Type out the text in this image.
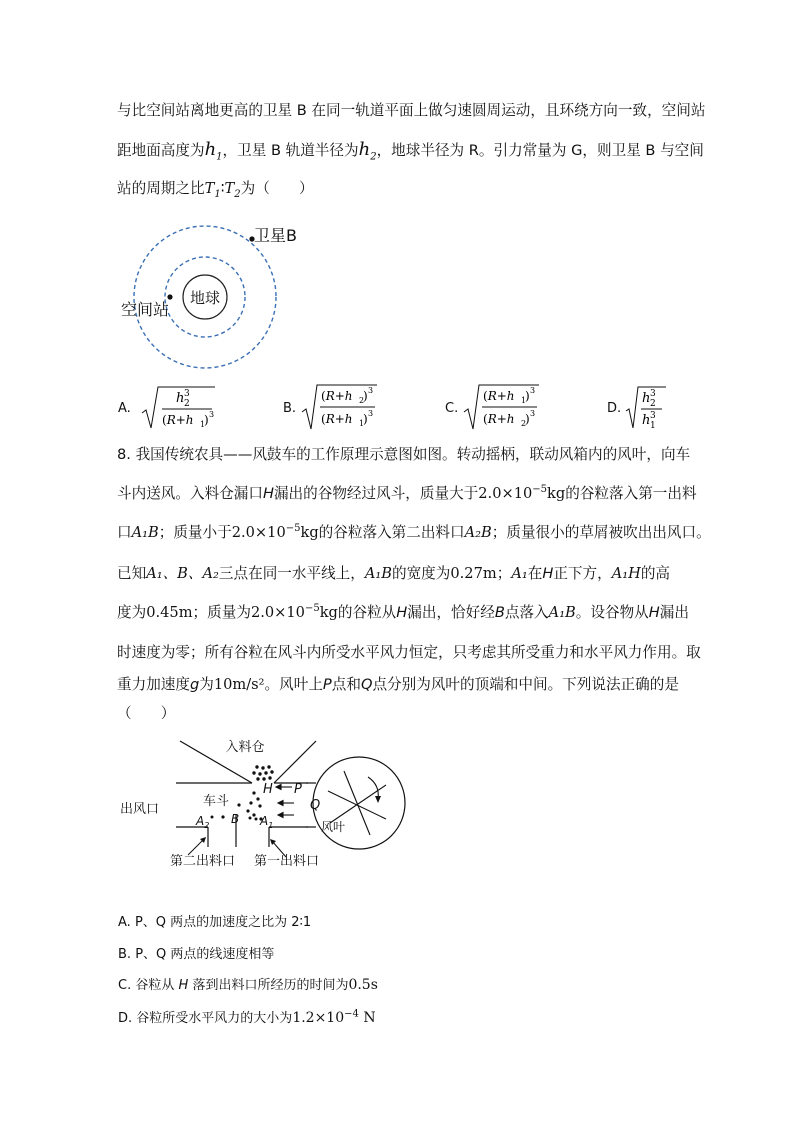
与比空间站离地更高的卫星 B 在同一轨道平面上做匀速圆周运动，且环绕方向一致，空间站
距地面高度为$h_1$，卫星 B 轨道半径为$h_2$，地球半径为 R。引力常量为 G，则卫星 B 与空间
站的周期之比$T_1∶T_2$为（　　）
地球
卫星B
空间站
A.
h 2
3
(R+h 1
) 3	B.
(R+h 2
) 3
(R+h 1
) 3	C.
(R+h 1
) 3
(R+h 2
) 3	D.
h 2
3
h 1
3
8. 我国传统农具——风鼓车的工作原理示意图如图。转动摇柄，联动风箱内的风叶，向车
斗内送风。入料仓漏口H漏出的谷物经过风斗，质量大于$2.0\times 10^{-5}kg$的谷粒落入第一出料
口A₁B；质量小于$2.0\times 10^{-5}kg$的谷粒落入第二出料口A₂B；质量很小的草屑被吹出出风口。
已知A₁、B、A₂三点在同一水平线上，A₁B的宽度为0.27m；A₁在H正下方，A₁H的高
度为0.45m；质量为$2.0\times 10^{-5}kg$的谷粒从H漏出，恰好经B点落入A₁B。设谷物从H漏出
时速度为零；所有谷粒在风斗内所受水平风力恒定，只考虑其所受重力和水平风力作用。取
重力加速度g为10m/s²。风叶上P点和Q点分别为风叶的顶端和中间。下列说法正确的是
（　　）
入料仓
出风口
车斗
H P
Q
风叶
$A_2$ B $A_1$
第二出料口 第一出料口
A. P、Q 两点的加速度之比为 2∶1
B. P、Q 两点的线速度相等
C. 谷粒从 H 落到出料口所经历的时间为0.5s
D. 谷粒所受水平风力的大小为$1.2\times 10^{-4}$ N
